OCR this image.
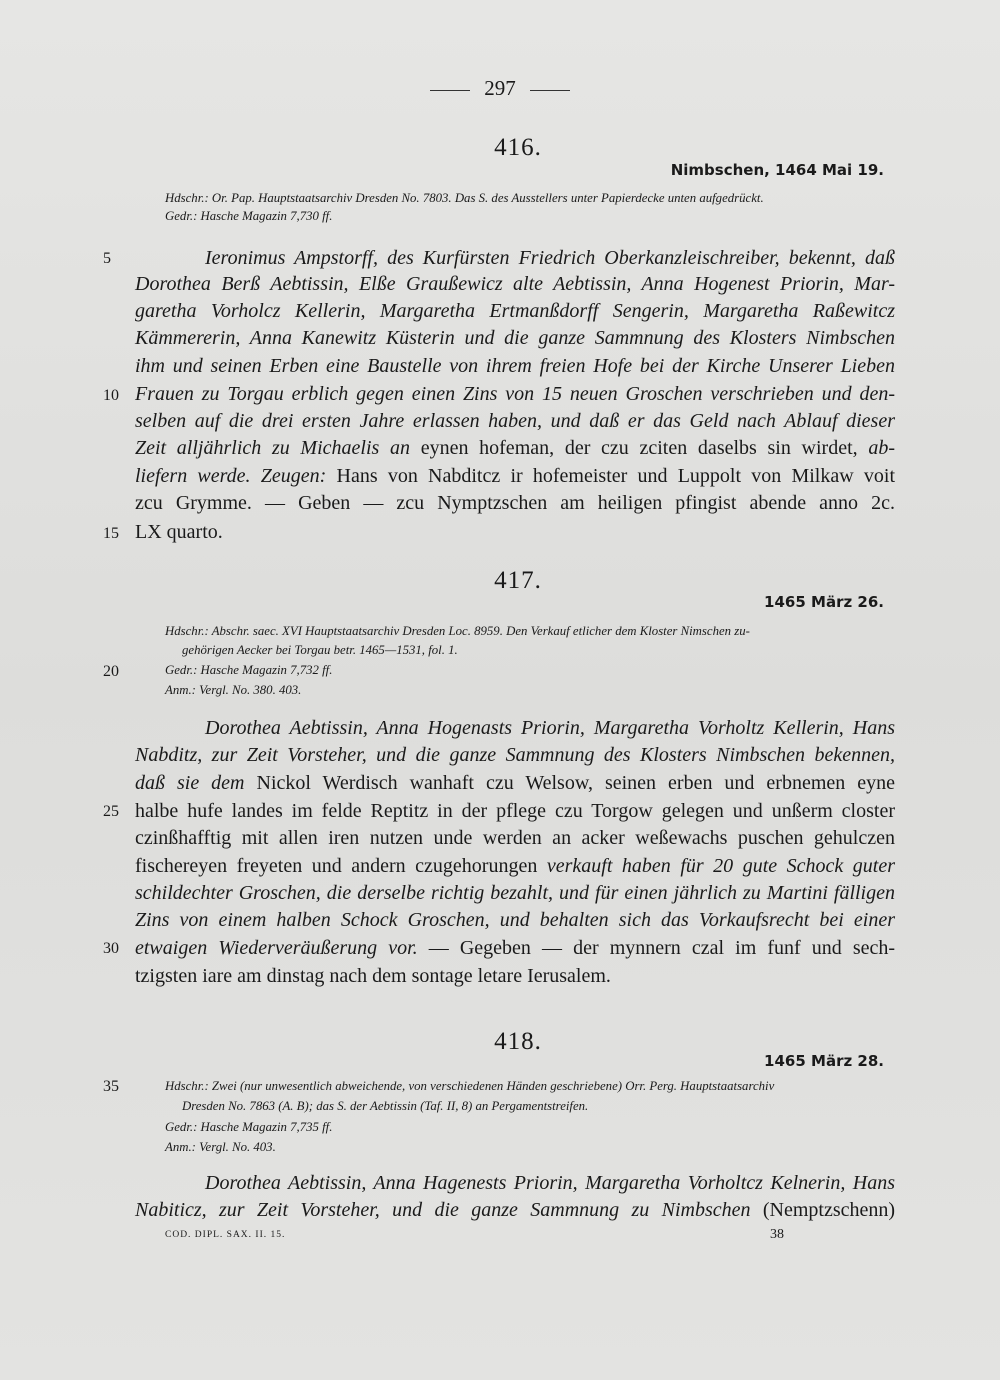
297
5
10
15
20
25
30
35
416.
Nimbschen, 1464 Mai 19.
Hdschr.: Or. Pap. Hauptstaatsarchiv Dresden No. 7803. Das S. des Ausstellers unter Papierdecke unten aufgedrückt.
Gedr.: Hasche Magazin 7,730 ff.
Ieronimus Ampstorff, des Kurfürsten Friedrich Oberkanzleischreiber, bekennt, daß
Dorothea Berß Aebtissin, Elße Graußewicz alte Aebtissin, Anna Hogenest Priorin, Mar-
garetha Vorholcz Kellerin, Margaretha Ertmanßdorff Sengerin, Margaretha Raßewitcz
Kämmererin, Anna Kanewitz Küsterin und die ganze Sammnung des Klosters Nimbschen
ihm und seinen Erben eine Baustelle von ihrem freien Hofe bei der Kirche Unserer Lieben
Frauen zu Torgau erblich gegen einen Zins von 15 neuen Groschen verschrieben und den-
selben auf die drei ersten Jahre erlassen haben, und daß er das Geld nach Ablauf dieser
Zeit alljährlich zu Michaelis an eynen hofeman, der czu zciten daselbs sin wirdet, ab-
liefern werde. Zeugen: Hans von Nabditcz ir hofemeister und Luppolt von Milkaw voit
zcu Grymme. — Geben — zcu Nymptzschen am heiligen pfingist abende anno 2c.
LX quarto.
417.
1465 März 26.
Hdschr.: Abschr. saec. XVI Hauptstaatsarchiv Dresden Loc. 8959. Den Verkauf etlicher dem Kloster Nimschen zu-
gehörigen Aecker bei Torgau betr. 1465—1531, fol. 1.
Gedr.: Hasche Magazin 7,732 ff.
Anm.: Vergl. No. 380. 403.
Dorothea Aebtissin, Anna Hogenasts Priorin, Margaretha Vorholtz Kellerin, Hans
Nabditz, zur Zeit Vorsteher, und die ganze Sammnung des Klosters Nimbschen bekennen,
daß sie dem Nickol Werdisch wanhaft czu Welsow, seinen erben und erbnemen eyne
halbe hufe landes im felde Reptitz in der pflege czu Torgow gelegen und unßerm closter
czinßhafftig mit allen iren nutzen unde werden an acker weßewachs puschen gehulczen
fischereyen freyeten und andern czugehorungen verkauft haben für 20 gute Schock guter
schildechter Groschen, die derselbe richtig bezahlt, und für einen jährlich zu Martini fälligen
Zins von einem halben Schock Groschen, und behalten sich das Vorkaufsrecht bei einer
etwaigen Wiederveräußerung vor. — Gegeben — der mynnern czal im funf und sech-
tzigsten iare am dinstag nach dem sontage letare Ierusalem.
418.
1465 März 28.
Hdschr.: Zwei (nur unwesentlich abweichende, von verschiedenen Händen geschriebene) Orr. Perg. Hauptstaatsarchiv
Dresden No. 7863 (A. B); das S. der Aebtissin (Taf. II, 8) an Pergamentstreifen.
Gedr.: Hasche Magazin 7,735 ff.
Anm.: Vergl. No. 403.
Dorothea Aebtissin, Anna Hagenests Priorin, Margaretha Vorholtcz Kelnerin, Hans
Nabiticz, zur Zeit Vorsteher, und die ganze Sammnung zu Nimbschen (Nemptzschenn)
COD. DIPL. SAX. II. 15.	38
